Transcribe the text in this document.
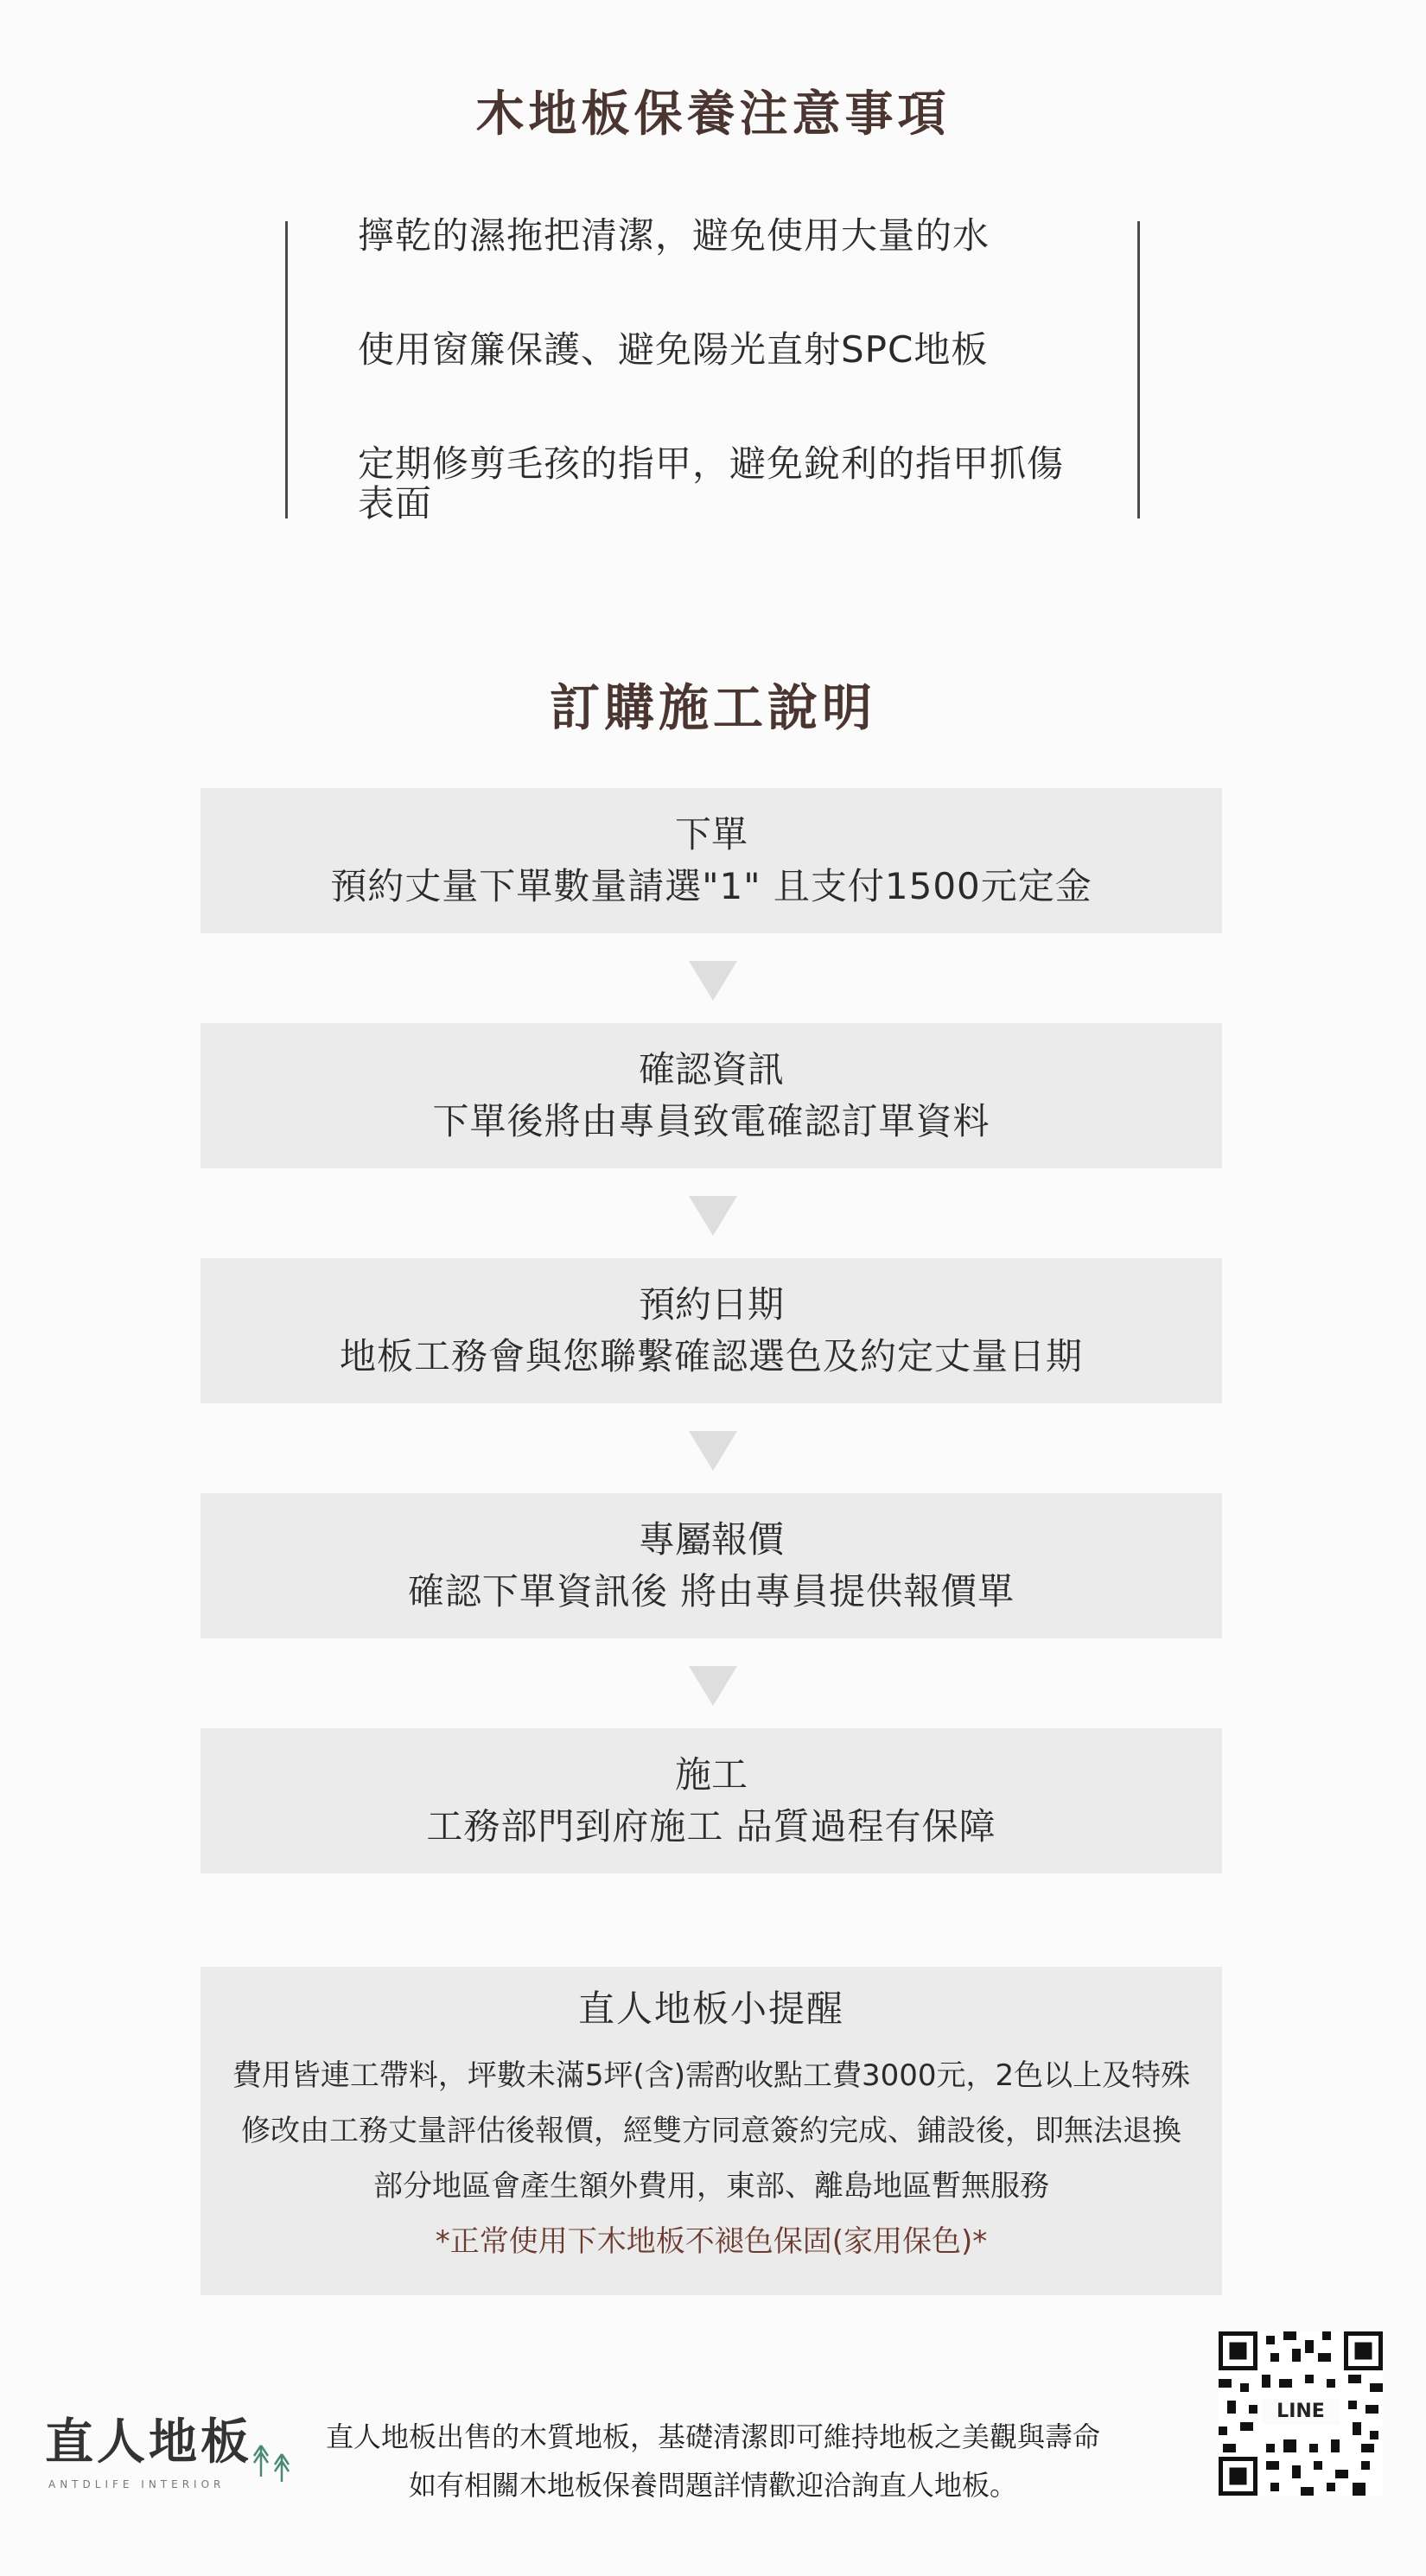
木地板保養注意事項
擰乾的濕拖把清潔，避免使用大量的水
使用窗簾保護、避免陽光直射SPC地板
定期修剪毛孩的指甲，避免銳利的指甲抓傷表面
訂購施工說明
下單
預約丈量下單數量請選"1" 且支付1500元定金
確認資訊
下單後將由專員致電確認訂單資料
預約日期
地板工務會與您聯繫確認選色及約定丈量日期
專屬報價
確認下單資訊後 將由專員提供報價單
施工
工務部門到府施工 品質過程有保障
直人地板小提醒
費用皆連工帶料，坪數未滿5坪(含)需酌收點工費3000元，2色以上及特殊
修改由工務丈量評估後報價，經雙方同意簽約完成、鋪設後，即無法退換
部分地區會產生額外費用，東部、離島地區暫無服務
*正常使用下木地板不褪色保固(家用保色)*
直人地板
ANTDLIFE INTERIOR
直人地板出售的木質地板，基礎清潔即可維持地板之美觀與壽命
如有相關木地板保養問題詳情歡迎洽詢直人地板。
LINE
